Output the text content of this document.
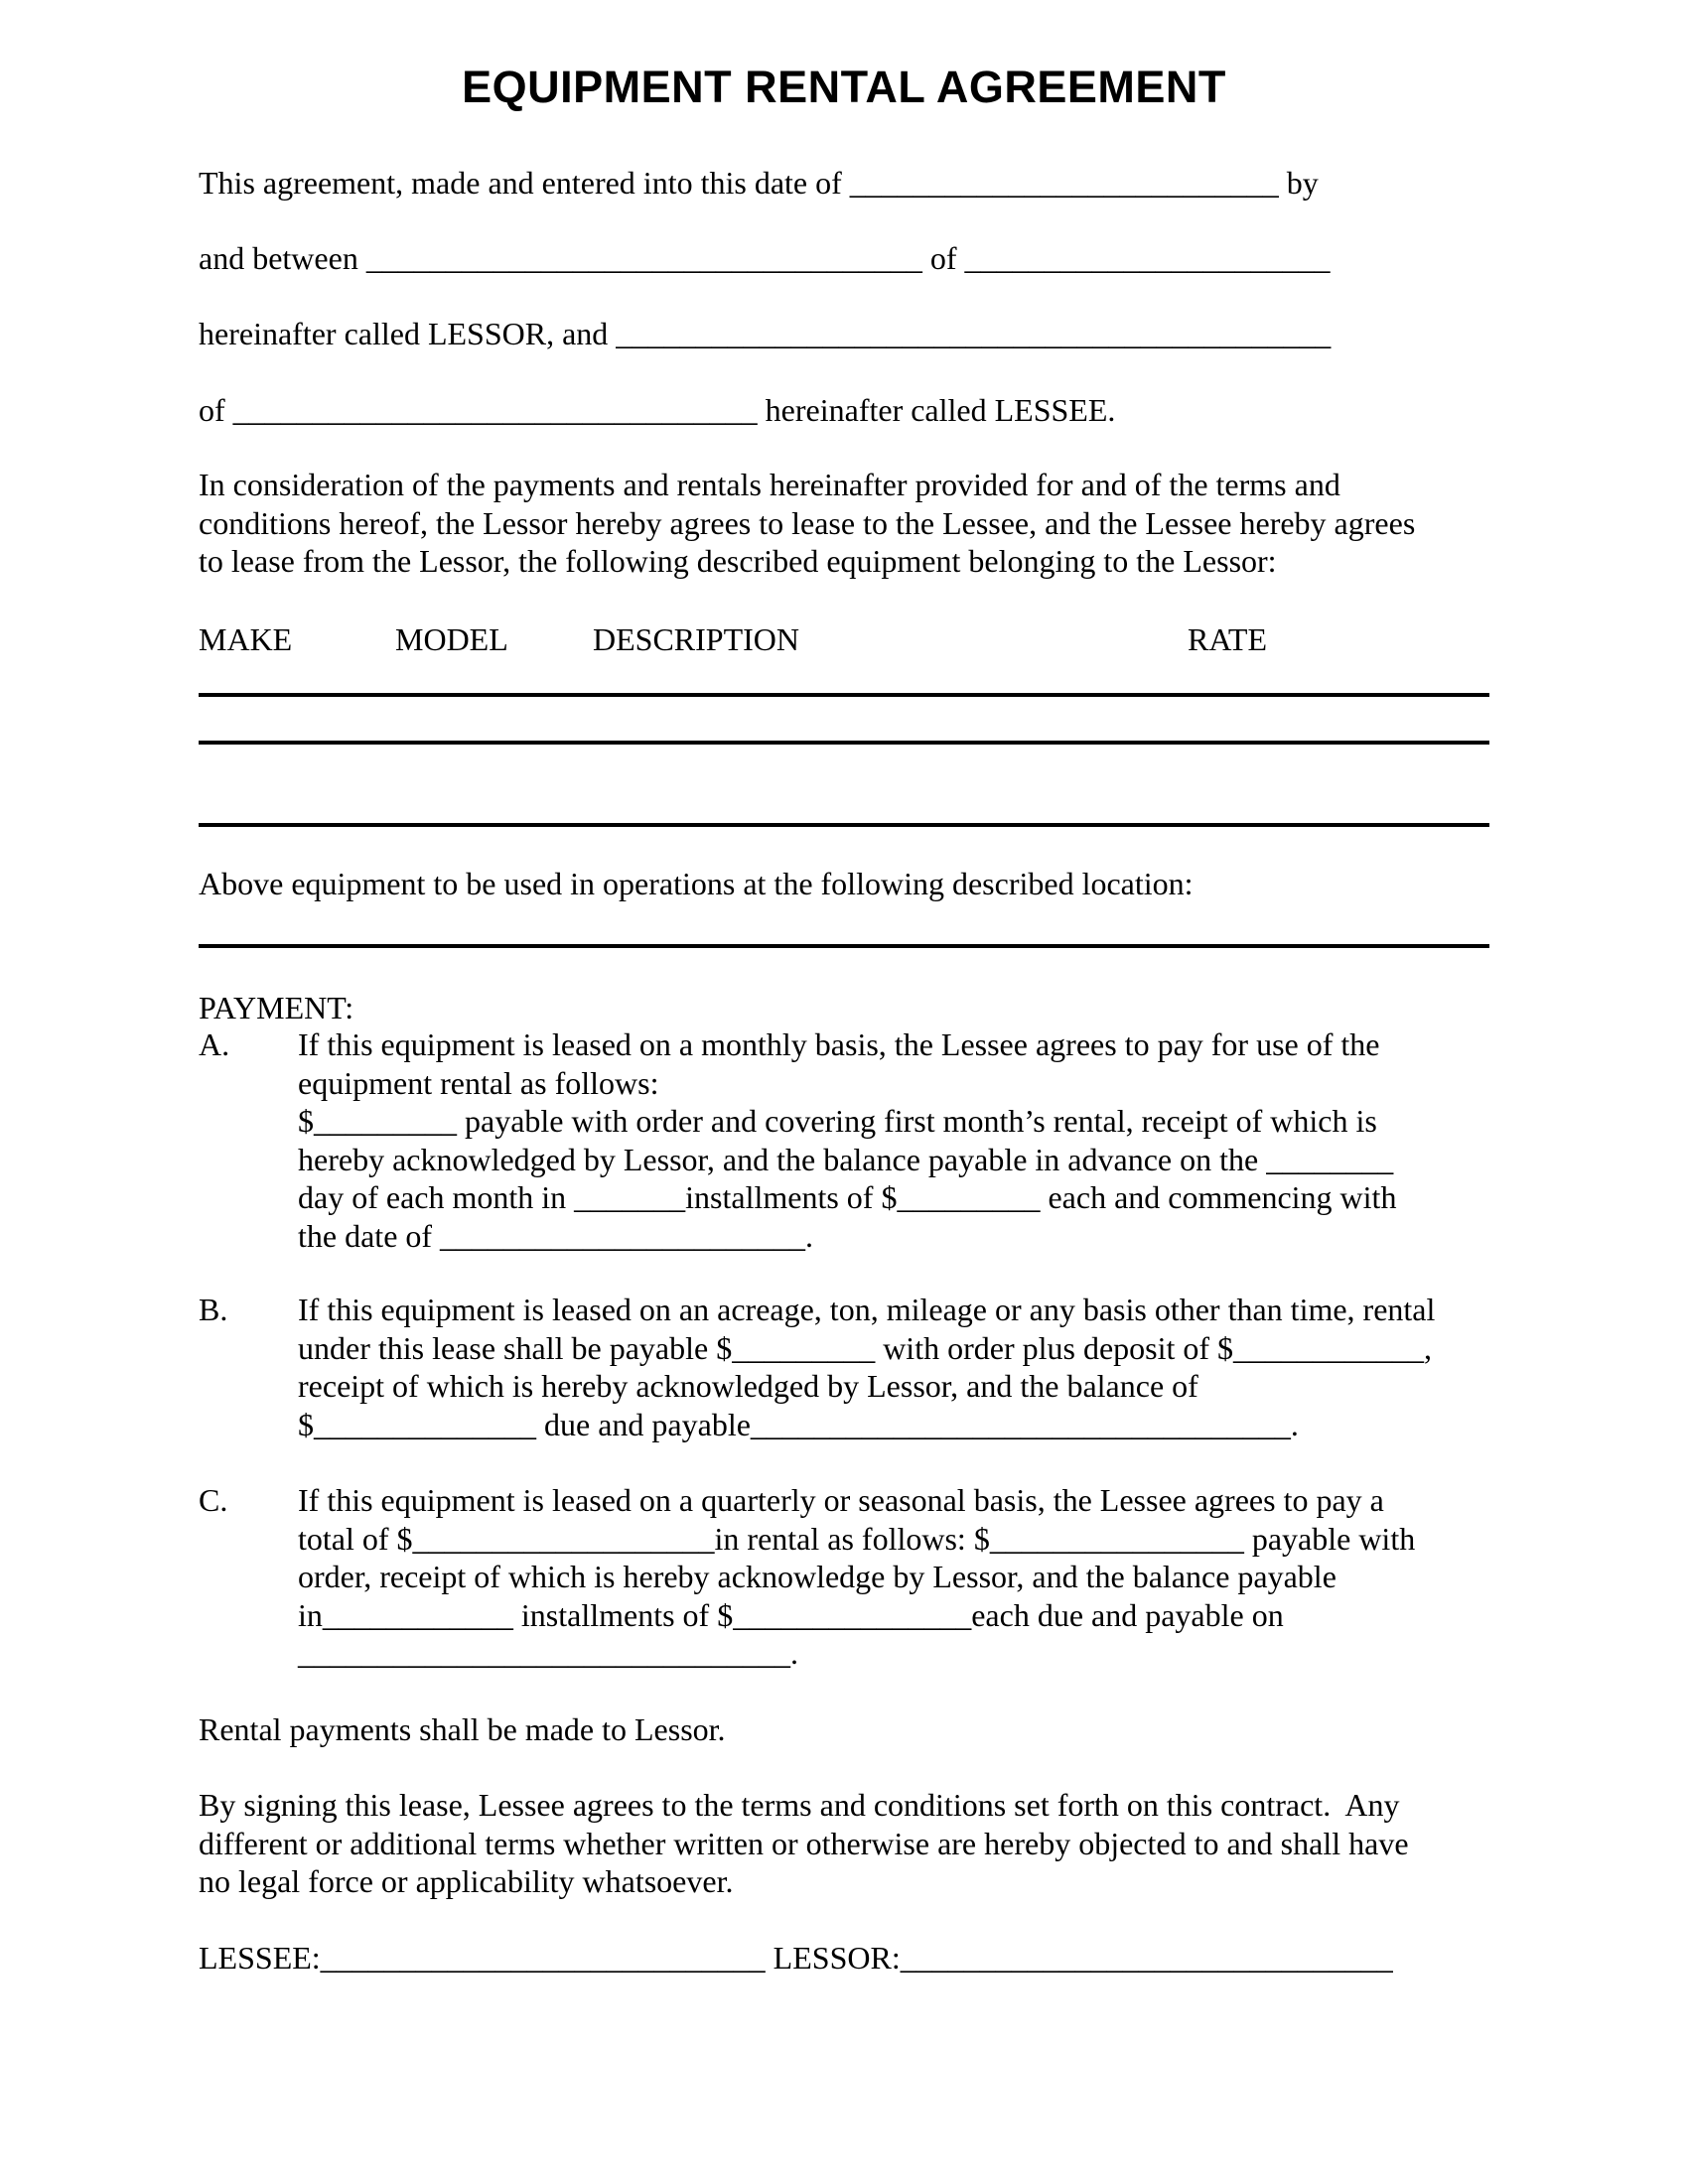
EQUIPMENT RENTAL AGREEMENT
This agreement, made and entered into this date of ___________________________ by
and between ___________________________________ of _______________________
hereinafter called LESSOR, and _____________________________________________
of _________________________________ hereinafter called LESSEE.
In consideration of the payments and rentals hereinafter provided for and of the terms and
conditions hereof, the Lessor hereby agrees to lease to the Lessee, and the Lessee hereby agrees
to lease from the Lessor, the following described equipment belonging to the Lessor:
MAKE	MODEL	DESCRIPTION	RATE
Above equipment to be used in operations at the following described location:
PAYMENT:
A. If this equipment is leased on a monthly basis, the Lessee agrees to pay for use of the
equipment rental as follows:
$_________ payable with order and covering first month’s rental, receipt of which is
hereby acknowledged by Lessor, and the balance payable in advance on the ________
day of each month in _______installments of $_________ each and commencing with
the date of _______________________.
B. If this equipment is leased on an acreage, ton, mileage or any basis other than time, rental
under this lease shall be payable $_________ with order plus deposit of $____________,
receipt of which is hereby acknowledged by Lessor, and the balance of
$______________ due and payable__________________________________.
C. If this equipment is leased on a quarterly or seasonal basis, the Lessee agrees to pay a
total of $___________________in rental as follows: $________________ payable with
order, receipt of which is hereby acknowledge by Lessor, and the balance payable
in____________ installments of $_______________each due and payable on
_______________________________.
Rental payments shall be made to Lessor.
By signing this lease, Lessee agrees to the terms and conditions set forth on this contract.  Any
different or additional terms whether written or otherwise are hereby objected to and shall have
no legal force or applicability whatsoever.
LESSEE:____________________________ LESSOR:_______________________________
